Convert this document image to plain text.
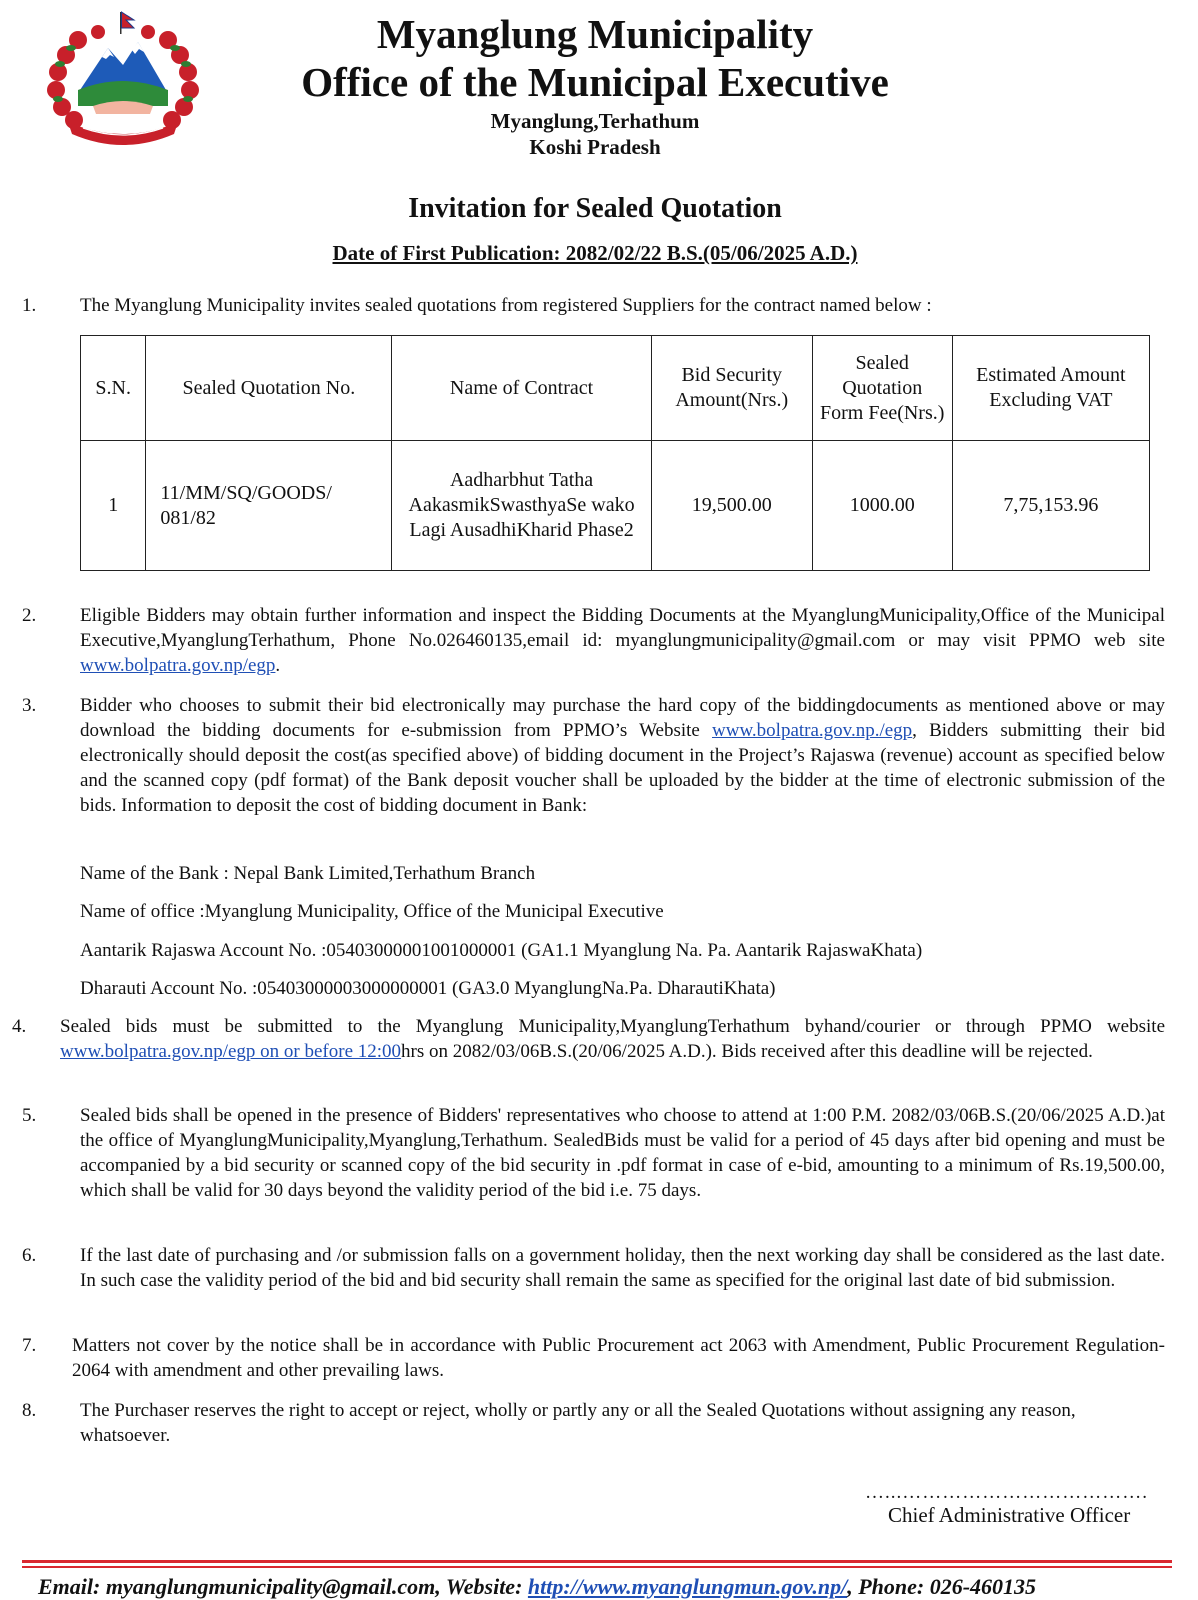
Myanglung Municipality
Office of the Municipal Executive
Myanglung,Terhathum
Koshi Pradesh
Invitation for Sealed Quotation
Date of First Publication: 2082/02/22 B.S.(05/06/2025 A.D.)
1. The Myanglung Municipality invites sealed quotations from registered Suppliers for the contract named below :
S.N.	Sealed Quotation No.	Name of Contract	Bid Security Amount(Nrs.)	Sealed Quotation Form Fee(Nrs.)	Estimated Amount Excluding VAT
1	11/MM/SQ/GOODS/ 081/82	Aadharbhut Tatha AakasmikSwasthyaSe wako Lagi AusadhiKharid Phase2	19,500.00	1000.00	7,75,153.96
2. Eligible Bidders may obtain further information and inspect the Bidding Documents at the MyanglungMunicipality,Office of the Municipal Executive,MyanglungTerhathum, Phone No.026460135,email id: myanglungmunicipality@gmail.com or may visit PPMO web site www.bolpatra.gov.np/egp.
3. Bidder who chooses to submit their bid electronically may purchase the hard copy of the biddingdocuments as mentioned above or may download the bidding documents for e-submission from PPMO’s Website www.bolpatra.gov.np./egp, Bidders submitting their bid electronically should deposit the cost(as specified above) of bidding document in the Project’s Rajaswa (revenue) account as specified below and the scanned copy (pdf format) of the Bank deposit voucher shall be uploaded by the bidder at the time of electronic submission of the bids. Information to deposit the cost of bidding document in Bank:
Name of the Bank : Nepal Bank Limited,Terhathum Branch
Name of office :Myanglung Municipality, Office of the Municipal Executive
Aantarik Rajaswa Account No. :05403000001001000001 (GA1.1 Myanglung Na. Pa. Aantarik RajaswaKhata)
Dharauti Account No. :05403000003000000001 (GA3.0 MyanglungNa.Pa. DharautiKhata)
4. Sealed bids must be submitted to the Myanglung Municipality,MyanglungTerhathum byhand/courier or through PPMO website www.bolpatra.gov.np/egp on or before 12:00hrs on 2082/03/06B.S.(20/06/2025 A.D.). Bids received after this deadline will be rejected.
5. Sealed bids shall be opened in the presence of Bidders' representatives who choose to attend at 1:00 P.M. 2082/03/06B.S.(20/06/2025 A.D.)at the office of MyanglungMunicipality,Myanglung,Terhathum. SealedBids must be valid for a period of 45 days after bid opening and must be accompanied by a bid security or scanned copy of the bid security in .pdf format in case of e-bid, amounting to a minimum of Rs.19,500.00, which shall be valid for 30 days beyond the validity period of the bid i.e. 75 days.
6. If the last date of purchasing and /or submission falls on a government holiday, then the next working day shall be considered as the last date. In such case the validity period of the bid and bid security shall remain the same as specified for the original last date of bid submission.
7. Matters not cover by the notice shall be in accordance with Public Procurement act 2063 with Amendment, Public Procurement Regulation-2064 with amendment and other prevailing laws.
8. The Purchaser reserves the right to accept or reject, wholly or partly any or all the Sealed Quotations without assigning any reason, whatsoever.
…...……………………………….
Chief Administrative Officer
Email: myanglungmunicipality@gmail.com, Website: http://www.myanglungmun.gov.np/, Phone: 026-460135
